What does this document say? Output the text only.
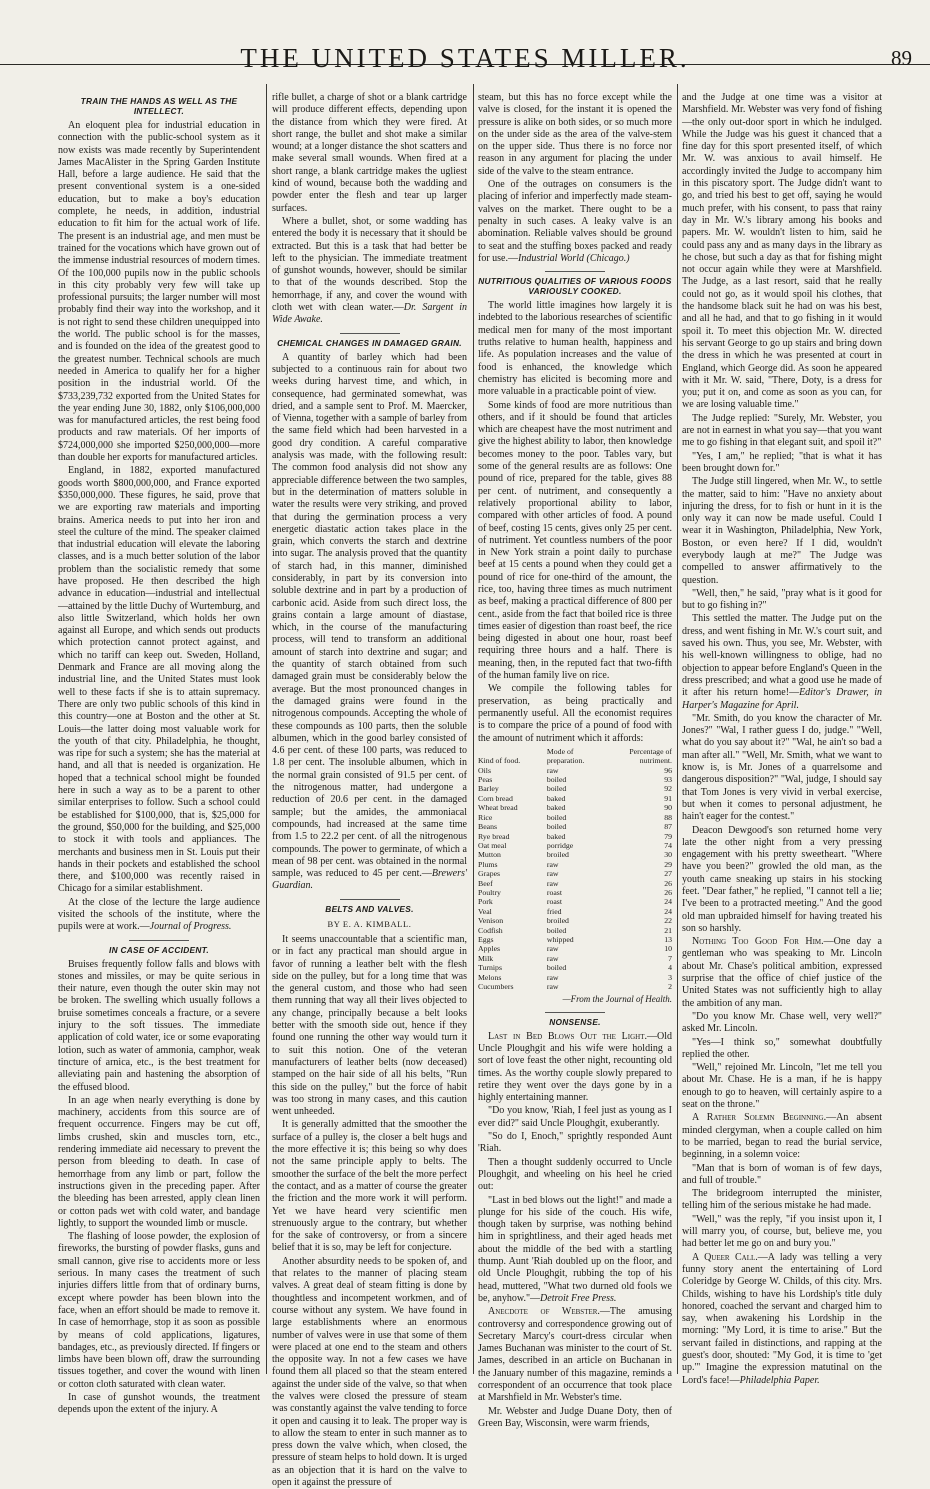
THE UNITED STATES MILLER.	89
TRAIN THE HANDS AS WELL AS THE INTELLECT.

An eloquent plea for industrial education in connection with the public-school system as it now exists was made recently by Superintendent James MacAlister in the Spring Garden Institute Hall, before a large audience. He said that the present conventional system is a one-sided education, but to make a boy's education complete, he needs, in addition, industrial education to fit him for the actual work of life. The present is an industrial age, and men must be trained for the vocations which have grown out of the immense industrial resources of modern times. Of the 100,000 pupils now in the public schools in this city probably very few will take up professional pursuits; the larger number will most probably find their way into the workshop, and it is not right to send these children unequipped into the world. The public school is for the masses, and is founded on the idea of the greatest good to the greatest number. Technical schools are much needed in America to qualify her for a higher position in the industrial world. Of the $733,239,732 exported from the United States for the year ending June 30, 1882, only $106,000,000 was for manufactured articles, the rest being food products and raw materials. Of her imports of $724,000,000 she imported $250,000,000—more than double her exports for manufactured articles.

England, in 1882, exported manufactured goods worth $800,000,000, and France exported $350,000,000. These figures, he said, prove that we are exporting raw materials and importing brains. America needs to put into her iron and steel the culture of the mind. The speaker claimed that industrial education will elevate the laboring classes, and is a much better solution of the labor problem than the socialistic remedy that some have proposed. He then described the high advance in education—industrial and intellectual—attained by the little Duchy of Wurtemburg, and also little Switzerland, which holds her own against all Europe, and which sends out products which protection cannot protect against, and which no tariff can keep out. Sweden, Holland, Denmark and France are all moving along the industrial line, and the United States must look well to these facts if she is to attain supremacy. There are only two public schools of this kind in this country—one at Boston and the other at St. Louis—the latter doing most valuable work for the youth of that city. Philadelphia, he thought, was ripe for such a system; she has the material at hand, and all that is needed is organization. He hoped that a technical school might be founded here in such a way as to be a parent to other similar enterprises to follow. Such a school could be established for $100,000, that is, $25,000 for the ground, $50,000 for the building, and $25,000 to stock it with tools and appliances. The merchants and business men in St. Louis put their hands in their pockets and established the school there, and $100,000 was recently raised in Chicago for a similar establishment.

At the close of the lecture the large audience visited the schools of the institute, where the pupils were at work.—Journal of Progress.

IN CASE OF ACCIDENT.

Bruises frequently follow falls and blows with stones and missiles, or may be quite serious in their nature, even though the outer skin may not be broken. The swelling which usually follows a bruise sometimes conceals a fracture, or a severe injury to the soft tissues. The immediate application of cold water, ice or some evaporating lotion, such as water of ammonia, camphor, weak tincture of arnica, etc., is the best treatment for alleviating pain and hastening the absorption of the effused blood.

In an age when nearly everything is done by machinery, accidents from this source are of frequent occurrence. Fingers may be cut off, limbs crushed, skin and muscles torn, etc., rendering immediate aid necessary to prevent the person from bleeding to death. In case of hemorrhage from any limb or part, follow the instructions given in the preceding paper. After the bleeding has been arrested, apply clean linen or cotton pads wet with cold water, and bandage lightly, to support the wounded limb or muscle.

The flashing of loose powder, the explosion of fireworks, the bursting of powder flasks, guns and small cannon, give rise to accidents more or less serious. In many cases the treatment of such injuries differs little from that of ordinary burns, except where powder has been blown into the face, when an effort should be made to remove it. In case of hemorrhage, stop it as soon as possible by means of cold applications, ligatures, bandages, etc., as previously directed. If fingers or limbs have been blown off, draw the surrounding tissues together, and cover the wound with linen or cotton cloth saturated with clean water.

In case of gunshot wounds, the treatment depends upon the extent of the injury. A

rifle bullet, a charge of shot or a blank cartridge will produce different effects, depending upon the distance from which they were fired. At short range, the bullet and shot make a similar wound; at a longer distance the shot scatters and make several small wounds. When fired at a short range, a blank cartridge makes the ugliest kind of wound, because both the wadding and powder enter the flesh and tear up larger surfaces.

Where a bullet, shot, or some wadding has entered the body it is necessary that it should be extracted. But this is a task that had better be left to the physician. The immediate treatment of gunshot wounds, however, should be similar to that of the wounds described. Stop the hemorrhage, if any, and cover the wound with cloth wet with clean water.—Dr. Sargent in Wide Awake.

CHEMICAL CHANGES IN DAMAGED GRAIN.

A quantity of barley which had been subjected to a continuous rain for about two weeks during harvest time, and which, in consequence, had germinated somewhat, was dried, and a sample sent to Prof. M. Maercker, of Vienna, together with a sample of barley from the same field which had been harvested in a good dry condition. A careful comparative analysis was made, with the following result: The common food analysis did not show any appreciable difference between the two samples, but in the determination of matters soluble in water the results were very striking, and proved that during the germination process a very energetic diastatic action takes place in the grain, which converts the starch and dextrine into sugar. The analysis proved that the quantity of starch had, in this manner, diminished considerably, in part by its conversion into soluble dextrine and in part by a production of carbonic acid. Aside from such direct loss, the grains contain a large amount of diastase, which, in the course of the manufacturing process, will tend to transform an additional amount of starch into dextrine and sugar; and the quantity of starch obtained from such damaged grain must be considerably below the average. But the most pronounced changes in the damaged grains were found in the nitrogenous compounds. Accepting the whole of these compounds as 100 parts, then the soluble albumen, which in the good barley consisted of 4.6 per cent. of these 100 parts, was reduced to 1.8 per cent. The insoluble albumen, which in the normal grain consisted of 91.5 per cent. of the nitrogenous matter, had undergone a reduction of 20.6 per cent. in the damaged sample; but the amides, the ammoniacal compounds, had increased at the same time from 1.5 to 22.2 per cent. of all the nitrogenous compounds. The power to germinate, of which a mean of 98 per cent. was obtained in the normal sample, was reduced to 45 per cent.—Brewers' Guardian.

BELTS AND VALVES.
BY E. A. KIMBALL.

It seems unaccountable that a scientific man, or in fact any practical man should argue in favor of running a leather belt with the flesh side on the pulley, but for a long time that was the general custom, and those who had seen them running that way all their lives objected to any change, principally because a belt looks better with the smooth side out, hence if they found one running the other way would turn it to suit this notion. One of the veteran manufacturers of leather belts (now deceased) stamped on the hair side of all his belts, "Run this side on the pulley," but the force of habit was too strong in many cases, and this caution went unheeded.

It is generally admitted that the smoother the surface of a pulley is, the closer a belt hugs and the more effective it is; this being so why does not the same principle apply to belts. The smoother the surface of the belt the more perfect the contact, and as a matter of course the greater the friction and the more work it will perform. Yet we have heard very scientific men strenuously argue to the contrary, but whether for the sake of controversy, or from a sincere belief that it is so, may be left for conjecture.

Another absurdity needs to be spoken of, and that relates to the manner of placing steam valves. A great deal of steam fitting is done by thoughtless and incompetent workmen, and of course without any system. We have found in large establishments where an enormous number of valves were in use that some of them were placed at one end to the steam and others the opposite way. In not a few cases we have found them all placed so that the steam entered against the under side of the valve, so that when the valves were closed the pressure of steam was constantly against the valve tending to force it open and causing it to leak. The proper way is to allow the steam to enter in such manner as to press down the valve which, when closed, the pressure of steam helps to hold down. It is urged as an objection that it is hard on the valve to open it against the pressure of

steam, but this has no force except while the valve is closed, for the instant it is opened the pressure is alike on both sides, or so much more on the under side as the area of the valve-stem on the upper side. Thus there is no force nor reason in any argument for placing the under side of the valve to the steam entrance.

One of the outrages on consumers is the placing of inferior and imperfectly made steam-valves on the market. There ought to be a penalty in such cases. A leaky valve is an abomination. Reliable valves should be ground to seat and the stuffing boxes packed and ready for use.—Industrial World (Chicago.)

NUTRITIOUS QUALITIES OF VARIOUS FOODS VARIOUSLY COOKED.

The world little imagines how largely it is indebted to the laborious researches of scientific medical men for many of the most important truths relative to human health, happiness and life. As population increases and the value of food is enhanced, the knowledge which chemistry has elicited is becoming more and more valuable in a practicable point of view.

Some kinds of food are more nutritious than others, and if it should be found that articles which are cheapest have the most nutriment and give the highest ability to labor, then knowledge becomes money to the poor. Tables vary, but some of the general results are as follows: One pound of rice, prepared for the table, gives 88 per cent. of nutriment, and consequently a relatively proportional ability to labor, compared with other articles of food. A pound of beef, costing 15 cents, gives only 25 per cent. of nutriment. Yet countless numbers of the poor in New York strain a point daily to purchase beef at 15 cents a pound when they could get a pound of rice for one-third of the amount, the rice, too, having three times as much nutriment as beef, making a practical difference of 800 per cent., aside from the fact that boiled rice is three times easier of digestion than roast beef, the rice being digested in about one hour, roast beef requiring three hours and a half. There is meaning, then, in the reputed fact that two-fifth of the human family live on rice.

We compile the following tables for preservation, as being practically and permanently useful. All the economist requires is to compare the price of a pound of food with the amount of nutriment which it affords:

	Mode of	Percentage of
Kind of food.	preparation.	nutriment.
Oils	raw	96
Peas	boiled	93
Barley	boiled	92
Corn bread	baked	91
Wheat bread	baked	90
Rice	boiled	88
Beans	boiled	87
Rye bread	baked	79
Oat meal	porridge	74
Mutton	broiled	30
Plums	raw	29
Grapes	raw	27
Beef	raw	26
Poultry	roast	26
Pork	roast	24
Veal	fried	24
Venison	broiled	22
Codfish	boiled	21
Eggs	whipped	13
Apples	raw	10
Milk	raw	7
Turnips	boiled	4
Melons	raw	3
Cucumbers	raw	2
—From the Journal of Health.
NONSENSE.

Last in Bed Blows Out the Light.—Old Uncle Ploughgit and his wife were holding a sort of love feast the other night, recounting old times. As the worthy couple slowly prepared to retire they went over the days gone by in a highly entertaining manner.

"Do you know, 'Riah, I feel just as young as I ever did?" said Uncle Ploughgit, exuberantly.

"So do I, Enoch," sprightly responded Aunt 'Riah.

Then a thought suddenly occurred to Uncle Ploughgit, and wheeling on his heel he cried out:

"Last in bed blows out the light!" and made a plunge for his side of the couch. His wife, though taken by surprise, was nothing behind him in sprightliness, and their aged heads met about the middle of the bed with a startling thump. Aunt 'Riah doubled up on the floor, and old Uncle Ploughgit, rubbing the top of his head, muttered, "What two durned old fools we be, anyhow."—Detroit Free Press.

Anecdote of Webster.—The amusing controversy and correspondence growing out of Secretary Marcy's court-dress circular when James Buchanan was minister to the court of St. James, described in an article on Buchanan in the January number of this magazine, reminds a correspondent of an occurrence that took place at Marshfield in Mr. Webster's time.

Mr. Webster and Judge Duane Doty, then of Green Bay, Wisconsin, were warm friends,

and the Judge at one time was a visitor at Marshfield. Mr. Webster was very fond of fishing—the only out-door sport in which he indulged. While the Judge was his guest it chanced that a fine day for this sport presented itself, of which Mr. W. was anxious to avail himself. He accordingly invited the Judge to accompany him in this piscatory sport. The Judge didn't want to go, and tried his best to get off, saying he would much prefer, with his consent, to pass that rainy day in Mr. W.'s library among his books and papers. Mr. W. wouldn't listen to him, said he could pass any and as many days in the library as he chose, but such a day as that for fishing might not occur again while they were at Marshfield. The Judge, as a last resort, said that he really could not go, as it would spoil his clothes, that the handsome black suit he had on was his best, and all he had, and that to go fishing in it would spoil it. To meet this objection Mr. W. directed his servant George to go up stairs and bring down the dress in which he was presented at court in England, which George did. As soon he appeared with it Mr. W. said, "There, Doty, is a dress for you; put it on, and come as soon as you can, for we are losing valuable time."

The Judge replied: "Surely, Mr. Webster, you are not in earnest in what you say—that you want me to go fishing in that elegant suit, and spoil it?"

"Yes, I am," he replied; "that is what it has been brought down for."

The Judge still lingered, when Mr. W., to settle the matter, said to him: "Have no anxiety about injuring the dress, for to fish or hunt in it is the only way it can now be made useful. Could I wear it in Washington, Philadelphia, New York, Boston, or even here? If I did, wouldn't everybody laugh at me?" The Judge was compelled to answer affirmatively to the question.

"Well, then," he said, "pray what is it good for but to go fishing in?"

This settled the matter. The Judge put on the dress, and went fishing in Mr. W.'s court suit, and saved his own. Thus, you see, Mr. Webster, with his well-known willingness to oblige, had no objection to appear before England's Queen in the dress prescribed; and what a good use he made of it after his return home!—Editor's Drawer, in Harper's Magazine for April.

"Mr. Smith, do you know the character of Mr. Jones?" "Wal, I rather guess I do, judge." "Well, what do you say about it?" "Wal, he ain't so bad a man after all." "Well, Mr. Smith, what we want to know is, is Mr. Jones of a quarrelsome and dangerous disposition?" "Wal, judge, I should say that Tom Jones is very vivid in verbal exercise, but when it comes to personal adjustment, he hain't eager for the contest."

Deacon Dewgood's son returned home very late the other night from a very pressing engagement with his pretty sweetheart. "Where have you been?" growled the old man, as the youth came sneaking up stairs in his stocking feet. "Dear father," he replied, "I cannot tell a lie; I've been to a protracted meeting." And the good old man upbraided himself for having treated his son so harshly.

Nothing Too Good For Him.—One day a gentleman who was speaking to Mr. Lincoln about Mr. Chase's political ambition, expressed surprise that the office of chief justice of the United States was not sufficiently high to allay the ambition of any man.

"Do you know Mr. Chase well, very well?" asked Mr. Lincoln.

"Yes—I think so," somewhat doubtfully replied the other.

"Well," rejoined Mr. Lincoln, "let me tell you about Mr. Chase. He is a man, if he is happy enough to go to heaven, will certainly aspire to a seat on the throne."

A Rather Solemn Beginning.—An absent minded clergyman, when a couple called on him to be married, began to read the burial service, beginning, in a solemn voice:

"Man that is born of woman is of few days, and full of trouble."

The bridegroom interrupted the minister, telling him of the serious mistake he had made.

"Well," was the reply, "if you insist upon it, I will marry you, of course, but, believe me, you had better let me go on and bury you."

A Queer Call.—A lady was telling a very funny story anent the entertaining of Lord Coleridge by George W. Childs, of this city. Mrs. Childs, wishing to have his Lordship's title duly honored, coached the servant and charged him to say, when awakening his Lordship in the morning: "My Lord, it is time to arise." But the servant failed in distinctions, and rapping at the guest's door, shouted: "My God, it is time to 'get up.'" Imagine the expression matutinal on the Lord's face!—Philadelphia Paper.
